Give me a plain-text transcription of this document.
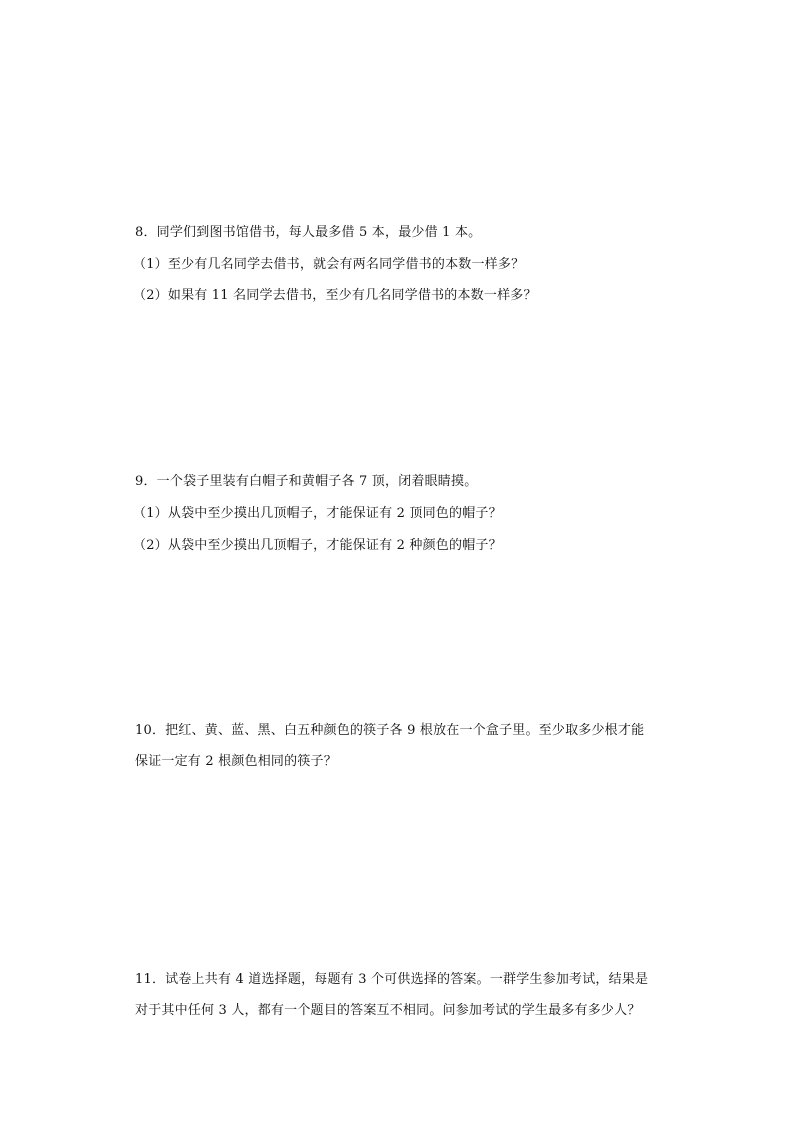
8．同学们到图书馆借书，每人最多借 5 本，最少借 1 本。
（1）至少有几名同学去借书，就会有两名同学借书的本数一样多？
（2）如果有 11 名同学去借书，至少有几名同学借书的本数一样多？
9．一个袋子里装有白帽子和黄帽子各 7 顶，闭着眼睛摸。
（1）从袋中至少摸出几顶帽子，才能保证有 2 顶同色的帽子？
（2）从袋中至少摸出几顶帽子，才能保证有 2 种颜色的帽子？
10．把红、黄、蓝、黑、白五种颜色的筷子各 9 根放在一个盒子里。至少取多少根才能
保证一定有 2 根颜色相同的筷子？
11．试卷上共有 4 道选择题，每题有 3 个可供选择的答案。一群学生参加考试，结果是
对于其中任何 3 人，都有一个题目的答案互不相同。问参加考试的学生最多有多少人？
